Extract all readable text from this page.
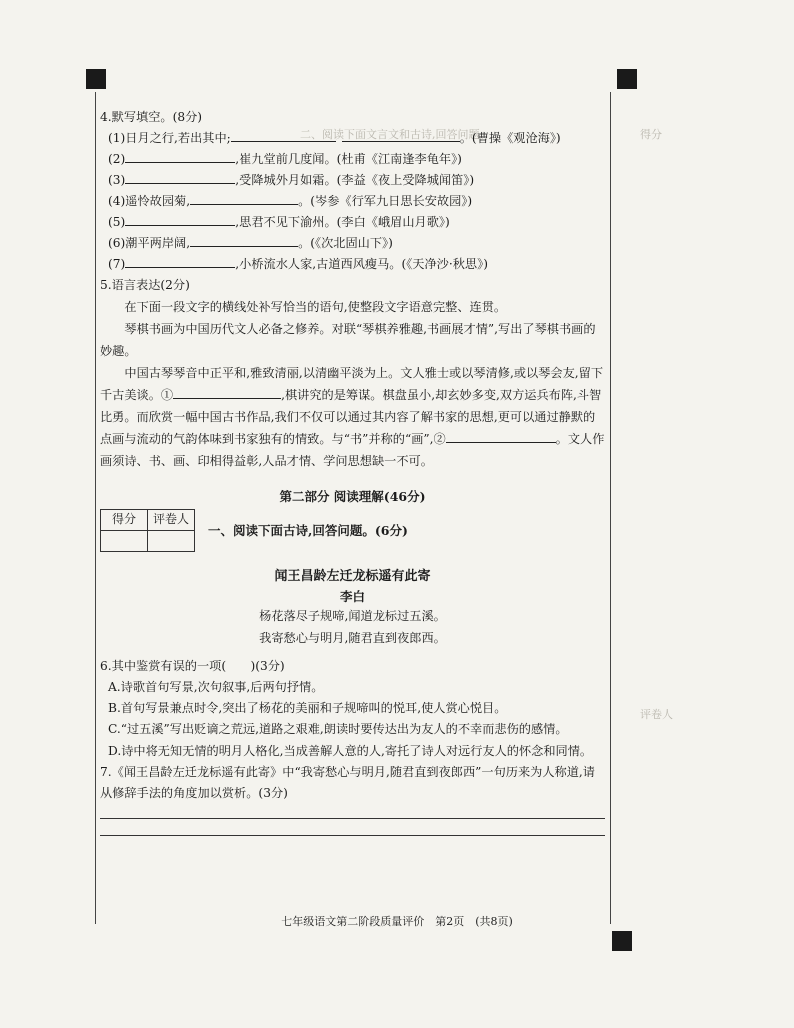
二、阅读下面文言文和古诗,回答问题。	得分
评卷人
4.默写填空。(8分)
(1)日月之行,若出其中;	。(曹操《观沧海》)
(2)	,崔九堂前几度闻。(杜甫《江南逢李龟年》)
(3)	,受降城外月如霜。(李益《夜上受降城闻笛》)
(4)遥怜故园菊,	。(岑参《行军九日思长安故园》)
(5)	,思君不见下渝州。(李白《峨眉山月歌》)
(6)潮平两岸阔,	。(《次北固山下》)
(7)	,小桥流水人家,古道西风瘦马。(《天净沙·秋思》)
5.语言表达(2分)

在下面一段文字的横线处补写恰当的语句,使整段文字语意完整、连贯。

琴棋书画为中国历代文人必备之修养。对联“琴棋养雅趣,书画展才情”,写出了琴棋书画的妙趣。

中国古琴琴音中正平和,雅致清丽,以清幽平淡为上。文人雅士或以琴清修,或以琴会友,留下千古美谈。①	,棋讲究的是筹谋。棋盘虽小,却玄妙多变,双方运兵布阵,斗智比勇。而欣赏一幅中国古书作品,我们不仅可以通过其内容了解书家的思想,更可以通过静默的点画与流动的气韵体味到书家独有的情致。与“书”并称的“画”,②	。文人作画须诗、书、画、印相得益彰,人品才情、学问思想缺一不可。

第二部分 阅读理解(46分)
得分	评卷人

一、阅读下面古诗,回答问题。(6分)
闻王昌龄左迁龙标遥有此寄
李白
杨花落尽子规啼,闻道龙标过五溪。
我寄愁心与明月,随君直到夜郎西。
6.其中鉴赏有误的一项(　　)(3分)
A.诗歌首句写景,次句叙事,后两句抒情。
B.首句写景兼点时令,突出了杨花的美丽和子规啼叫的悦耳,使人赏心悦目。
C.“过五溪”写出贬谪之荒远,道路之艰难,朗读时要传达出为友人的不幸而悲伤的感情。

D.诗中将无知无情的明月人格化,当成善解人意的人,寄托了诗人对远行友人的怀念和同情。

7.《闻王昌龄左迁龙标遥有此寄》中“我寄愁心与明月,随君直到夜郎西”一句历来为人称道,请从修辞手法的角度加以赏析。(3分)

七年级语文第二阶段质量评价　第2页　(共8页)
